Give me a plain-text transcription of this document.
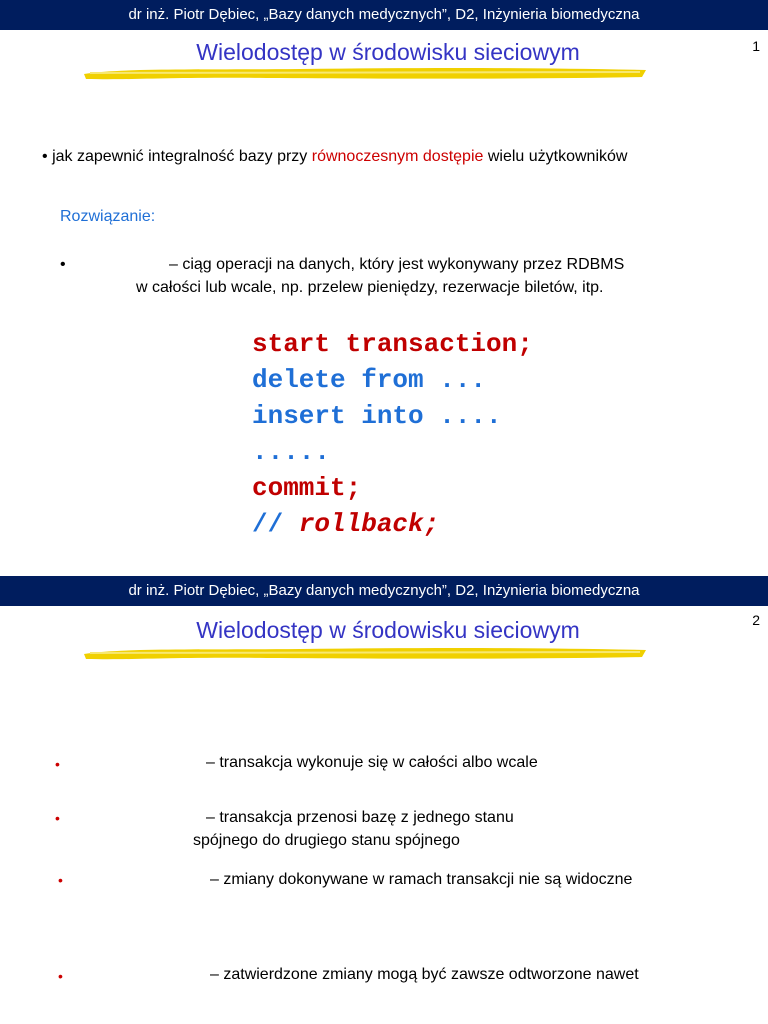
dr inż. Piotr Dębiec, „Bazy danych medycznych”, D2, Inżynieria biomedyczna
Wielodostęp w środowisku sieciowym	1
• jak zapewnić integralność bazy przy równoczesnym dostępie wielu użytkowników
Rozwiązanie:
•	– ciąg operacji na danych, który jest wykonywany przez RDBMS
w całości lub wcale, np. przelew pieniędzy, rezerwacje biletów, itp.
start transaction;
delete from ...
insert into ....
.....
commit;
// rollback;
dr inż. Piotr Dębiec, „Bazy danych medycznych”, D2, Inżynieria biomedyczna
Wielodostęp w środowisku sieciowym	2
•	– transakcja wykonuje się w całości albo wcale
•	– transakcja przenosi bazę z jednego stanu
spójnego do drugiego stanu spójnego
•	– zmiany dokonywane w ramach transakcji nie są widoczne
•	– zatwierdzone zmiany mogą być zawsze odtworzone nawet
